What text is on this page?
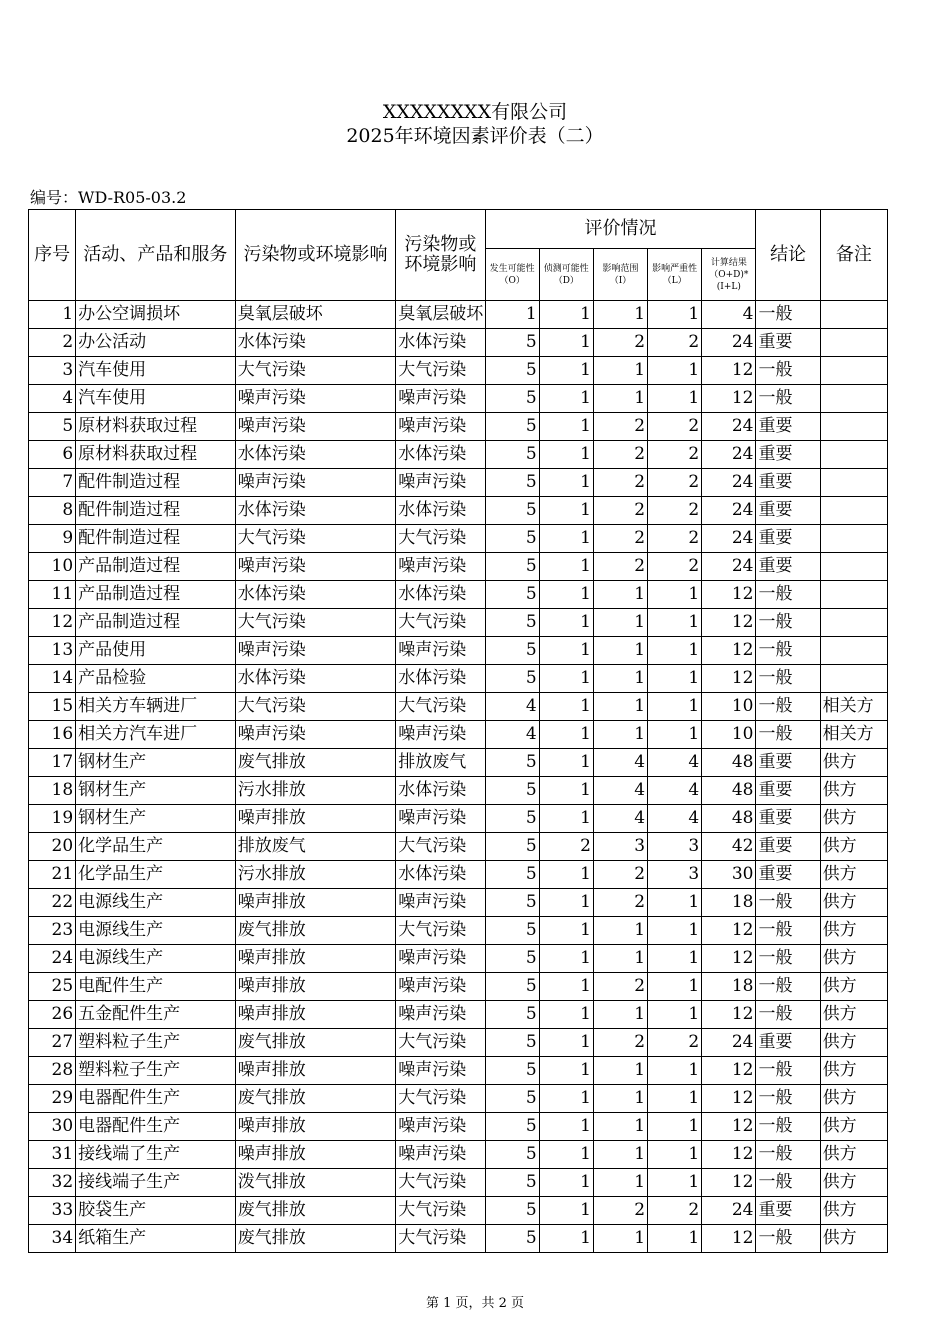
XXXXXXXX有限公司
2025年环境因素评价表（二）
编号：WD-R05-03.2
序号	活动、产品和服务	污染物或环境影响	污染物或环境影响	评价情况					结论	备注
				发生可能性（O）	侦测可能性（D）	影响范围（I）	影响严重性（L）	计算结果（O+D)*(I+L)		
1	办公空调损坏	臭氧层破坏	臭氧层破坏	1	1	1	1	4	一般	
2	办公活动	水体污染	水体污染	5	1	2	2	24	重要	
3	汽车使用	大气污染	大气污染	5	1	1	1	12	一般	
4	汽车使用	噪声污染	噪声污染	5	1	1	1	12	一般	
5	原材料获取过程	噪声污染	噪声污染	5	1	2	2	24	重要	
6	原材料获取过程	水体污染	水体污染	5	1	2	2	24	重要	
7	配件制造过程	噪声污染	噪声污染	5	1	2	2	24	重要	
8	配件制造过程	水体污染	水体污染	5	1	2	2	24	重要	
9	配件制造过程	大气污染	大气污染	5	1	2	2	24	重要	
10	产品制造过程	噪声污染	噪声污染	5	1	2	2	24	重要	
11	产品制造过程	水体污染	水体污染	5	1	1	1	12	一般	
12	产品制造过程	大气污染	大气污染	5	1	1	1	12	一般	
13	产品使用	噪声污染	噪声污染	5	1	1	1	12	一般	
14	产品检验	水体污染	水体污染	5	1	1	1	12	一般	
15	相关方车辆进厂	大气污染	大气污染	4	1	1	1	10	一般	相关方
16	相关方汽车进厂	噪声污染	噪声污染	4	1	1	1	10	一般	相关方
17	钢材生产	废气排放	排放废气	5	1	4	4	48	重要	供方
18	钢材生产	污水排放	水体污染	5	1	4	4	48	重要	供方
19	钢材生产	噪声排放	噪声污染	5	1	4	4	48	重要	供方
20	化学品生产	排放废气	大气污染	5	2	3	3	42	重要	供方
21	化学品生产	污水排放	水体污染	5	1	2	3	30	重要	供方
22	电源线生产	噪声排放	噪声污染	5	1	2	1	18	一般	供方
23	电源线生产	废气排放	大气污染	5	1	1	1	12	一般	供方
24	电源线生产	噪声排放	噪声污染	5	1	1	1	12	一般	供方
25	电配件生产	噪声排放	噪声污染	5	1	2	1	18	一般	供方
26	五金配件生产	噪声排放	噪声污染	5	1	1	1	12	一般	供方
27	塑料粒子生产	废气排放	大气污染	5	1	2	2	24	重要	供方
28	塑料粒子生产	噪声排放	噪声污染	5	1	1	1	12	一般	供方
29	电器配件生产	废气排放	大气污染	5	1	1	1	12	一般	供方
30	电器配件生产	噪声排放	噪声污染	5	1	1	1	12	一般	供方
31	接线端了生产	噪声排放	噪声污染	5	1	1	1	12	一般	供方
32	接线端子生产	泼气排放	大气污染	5	1	1	1	12	一般	供方
33	胶袋生产	废气排放	大气污染	5	1	2	2	24	重要	供方
34	纸箱生产	废气排放	大气污染	5	1	1	1	12	一般	供方
第 1 页，共 2 页
